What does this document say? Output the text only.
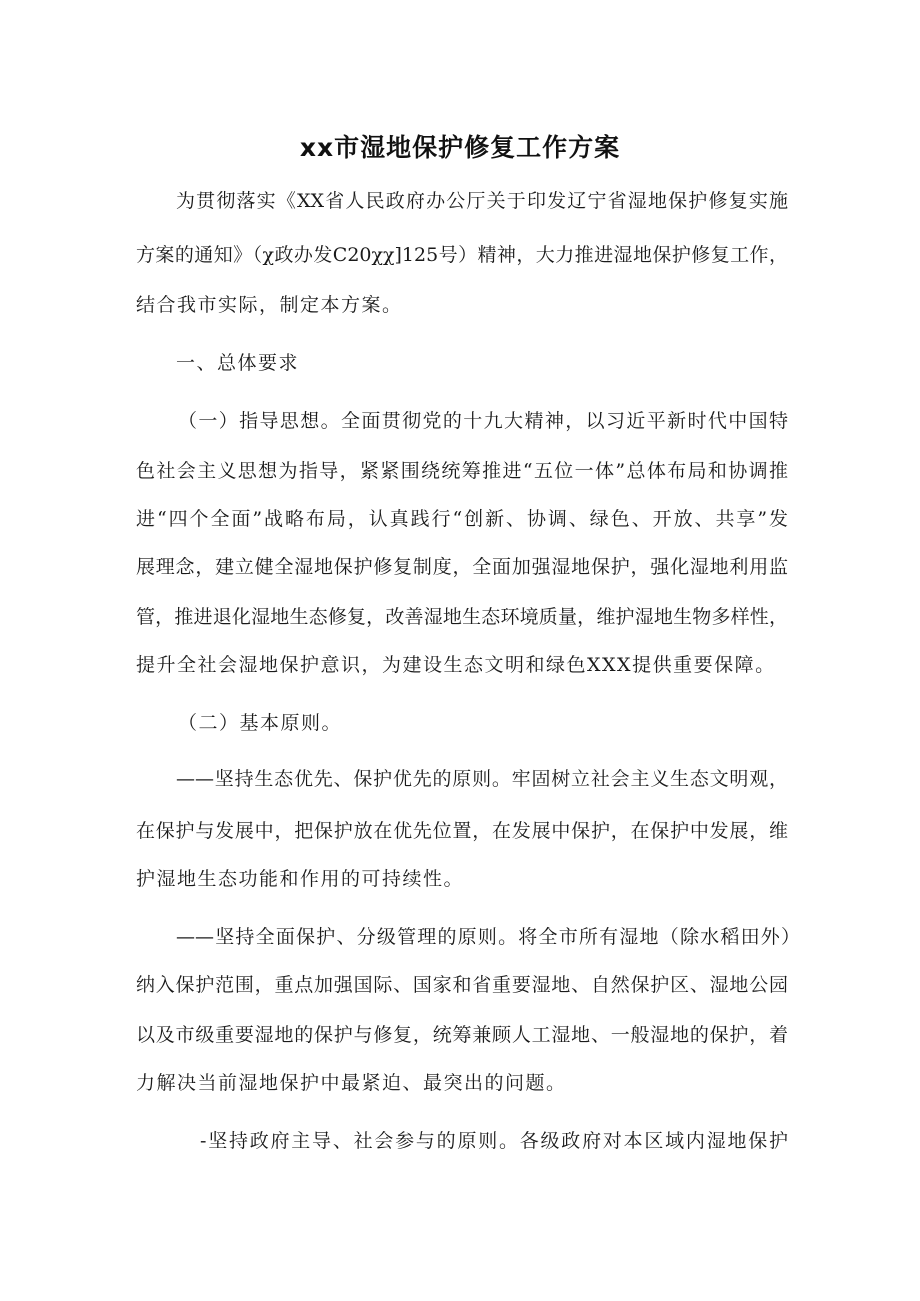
xx市湿地保护修复工作方案
为贯彻落实《XX省人民政府办公厅关于印发辽宁省湿地保护修复实施
方案的通知》（χ政办发C20χχ]125号）精神，大力推进湿地保护修复工作，
结合我市实际，制定本方案。
一、总体要求
（一）指导思想。全面贯彻党的十九大精神，以习近平新时代中国特
色社会主义思想为指导，紧紧围绕统筹推进“五位一体”总体布局和协调推
进“四个全面”战略布局，认真践行“创新、协调、绿色、开放、共享”发
展理念，建立健全湿地保护修复制度，全面加强湿地保护，强化湿地利用监
管，推进退化湿地生态修复，改善湿地生态环境质量，维护湿地生物多样性，
提升全社会湿地保护意识，为建设生态文明和绿色XXX提供重要保障。
（二）基本原则。
——坚持生态优先、保护优先的原则。牢固树立社会主义生态文明观，
在保护与发展中，把保护放在优先位置，在发展中保护，在保护中发展，维
护湿地生态功能和作用的可持续性。
——坚持全面保护、分级管理的原则。将全市所有湿地（除水稻田外）
纳入保护范围，重点加强国际、国家和省重要湿地、自然保护区、湿地公园
以及市级重要湿地的保护与修复，统筹兼顾人工湿地、一般湿地的保护，着
力解决当前湿地保护中最紧迫、最突出的问题。
-坚持政府主导、社会参与的原则。各级政府对本区域内湿地保护
